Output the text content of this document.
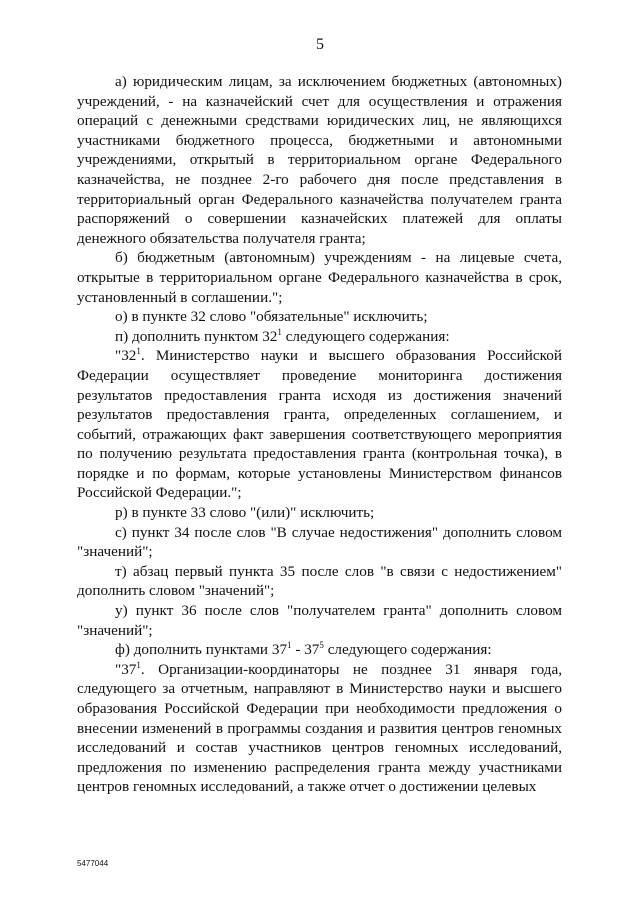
5

а) юридическим лицам, за исключением бюджетных (автономных) учреждений, - на казначейский счет для осуществления и отражения операций с денежными средствами юридических лиц, не являющихся участниками бюджетного процесса, бюджетными и автономными учреждениями, открытый в территориальном органе Федерального казначейства, не позднее 2-го рабочего дня после представления в территориальный орган Федерального казначейства получателем гранта распоряжений о совершении казначейских платежей для оплаты денежного обязательства получателя гранта;

б) бюджетным (автономным) учреждениям - на лицевые счета, открытые в территориальном органе Федерального казначейства в срок, установленный в соглашении.";

о) в пункте 32 слово "обязательные" исключить;

п) дополнить пунктом $32^1$ следующего содержания:

"$32^1$. Министерство науки и высшего образования Российской Федерации осуществляет проведение мониторинга достижения результатов предоставления гранта исходя из достижения значений результатов предоставления гранта, определенных соглашением, и событий, отражающих факт завершения соответствующего мероприятия по получению результата предоставления гранта (контрольная точка), в порядке и по формам, которые установлены Министерством финансов Российской Федерации.";

р) в пункте 33 слово "(или)" исключить;

с) пункт 34 после слов "В случае недостижения" дополнить словом "значений";

т) абзац первый пункта 35 после слов "в связи с недостижением" дополнить словом "значений";

у) пункт 36 после слов "получателем гранта" дополнить словом "значений";

ф) дополнить пунктами $37^1 - 37^5$ следующего содержания:

"$37^1$. Организации-координаторы не позднее 31 января года, следующего за отчетным, направляют в Министерство науки и высшего образования Российской Федерации при необходимости предложения о внесении изменений в программы создания и развития центров геномных исследований и состав участников центров геномных исследований, предложения по изменению распределения гранта между участниками центров геномных исследований, а также отчет о достижении целевых

5477044
